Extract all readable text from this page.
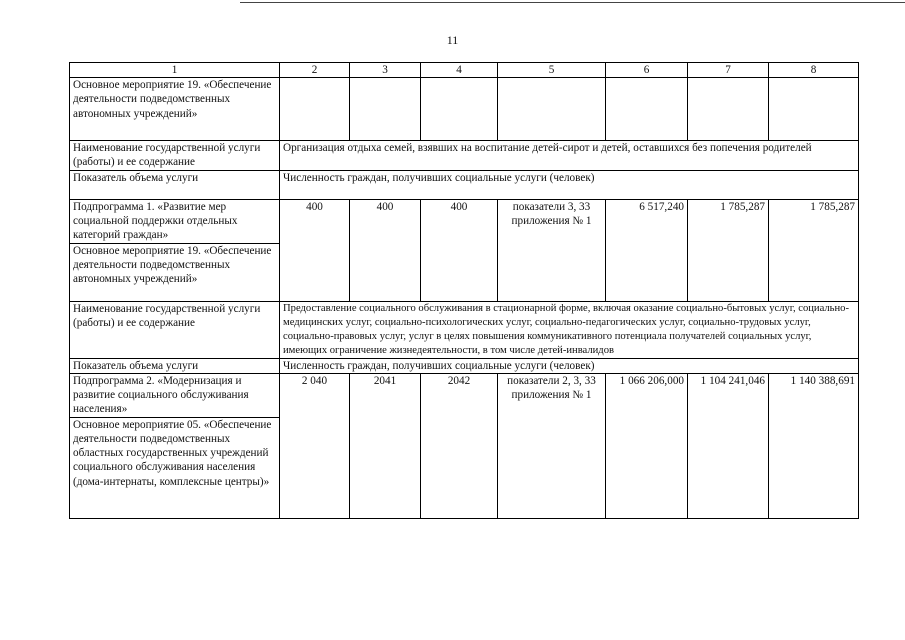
11
1	2	3	4	5	6	7	8
Основное мероприятие 19. «Обеспечение деятельности подведомственных автономных учреждений»							
Наименование государственной услуги (работы) и ее содержание	Организация отдыха семей, взявших на воспитание детей-сирот и детей, оставшихся без попечения родителей						
Показатель объема услуги	Численность граждан, получивших социальные услуги (человек)						
Подпрограмма 1. «Развитие мер социальной поддержки отдельных категорий граждан»	400	400	400	показатели 3, 33 приложения № 1	6 517,240	1 785,287	1 785,287
Основное мероприятие 19. «Обеспечение деятельности подведомственных автономных учреждений»							
Наименование государственной услуги (работы) и ее содержание	Предоставление социального обслуживания в стационарной форме, включая оказание социально-бытовых услуг, социально-медицинских услуг, социально-психологических услуг, социально-педагогических услуг, социально-трудовых услуг, социально-правовых услуг, услуг в целях повышения коммуникативного потенциала получателей социальных услуг, имеющих ограничение жизнедеятельности, в том числе детей-инвалидов						
Показатель объема услуги	Численность граждан, получивших социальные услуги (человек)						
Подпрограмма 2. «Модернизация и развитие социального обслуживания населения»	2 040	2041	2042	показатели 2, 3, 33 приложения № 1	1 066 206,000	1 104 241,046	1 140 388,691
Основное мероприятие 05. «Обеспечение деятельности подведомственных областных государственных учреждений социального обслуживания населения (дома-интернаты, комплексные центры)»							
